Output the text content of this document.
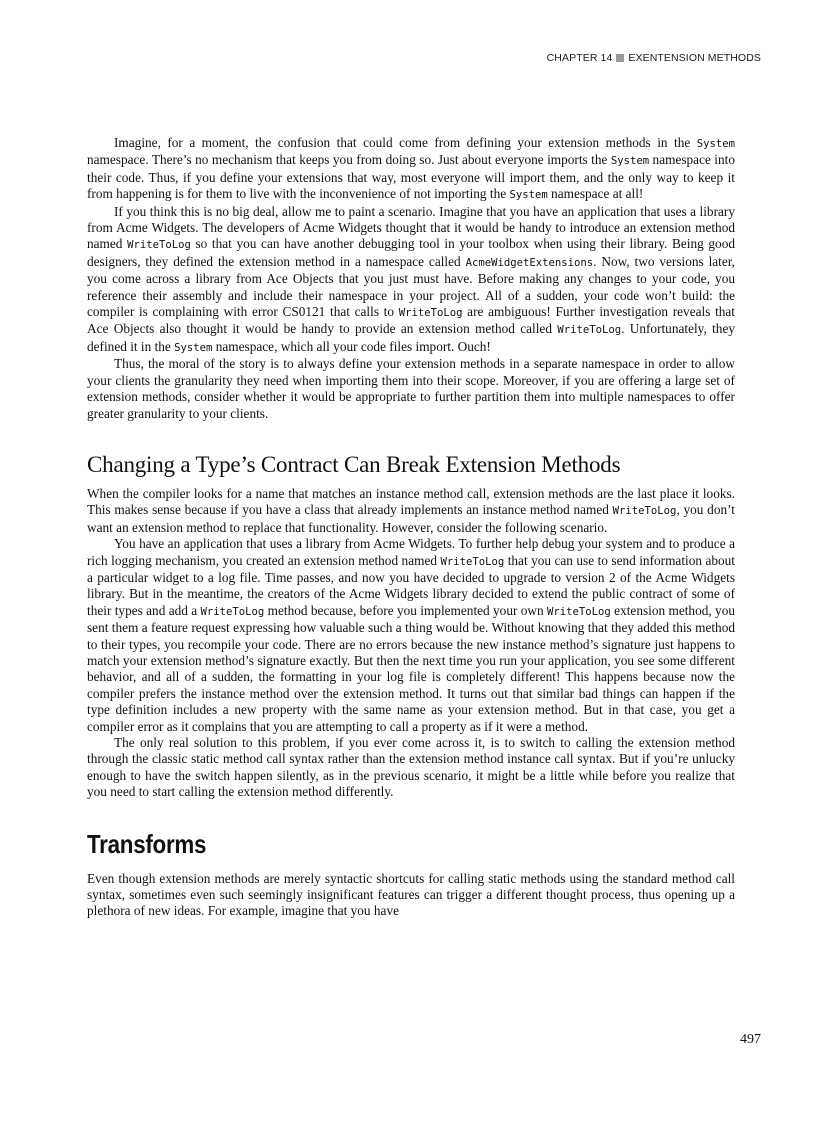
CHAPTER 14 EXENTENSION METHODS

Imagine, for a moment, the confusion that could come from defining your extension methods in the System namespace. There’s no mechanism that keeps you from doing so. Just about everyone imports the System namespace into their code. Thus, if you define your extensions that way, most everyone will import them, and the only way to keep it from happening is for them to live with the inconvenience of not importing the System namespace at all!

If you think this is no big deal, allow me to paint a scenario. Imagine that you have an application that uses a library from Acme Widgets. The developers of Acme Widgets thought that it would be handy to introduce an extension method named WriteToLog so that you can have another debugging tool in your toolbox when using their library. Being good designers, they defined the extension method in a namespace called AcmeWidgetExtensions. Now, two versions later, you come across a library from Ace Objects that you just must have. Before making any changes to your code, you reference their assembly and include their namespace in your project. All of a sudden, your code won’t build: the compiler is complaining with error CS0121 that calls to WriteToLog are ambiguous! Further investigation reveals that Ace Objects also thought it would be handy to provide an extension method called WriteToLog. Unfortunately, they defined it in the System namespace, which all your code files import. Ouch!

Thus, the moral of the story is to always define your extension methods in a separate namespace in order to allow your clients the granularity they need when importing them into their scope. Moreover, if you are offering a large set of extension methods, consider whether it would be appropriate to further partition them into multiple namespaces to offer greater granularity to your clients.

Changing a Type’s Contract Can Break Extension Methods

When the compiler looks for a name that matches an instance method call, extension methods are the last place it looks. This makes sense because if you have a class that already implements an instance method named WriteToLog, you don’t want an extension method to replace that functionality. However, consider the following scenario.

You have an application that uses a library from Acme Widgets. To further help debug your system and to produce a rich logging mechanism, you created an extension method named WriteToLog that you can use to send information about a particular widget to a log file. Time passes, and now you have decided to upgrade to version 2 of the Acme Widgets library. But in the meantime, the creators of the Acme Widgets library decided to extend the public contract of some of their types and add a WriteToLog method because, before you implemented your own WriteToLog extension method, you sent them a feature request expressing how valuable such a thing would be. Without knowing that they added this method to their types, you recompile your code. There are no errors because the new instance method’s signature just happens to match your extension method’s signature exactly. But then the next time you run your application, you see some different behavior, and all of a sudden, the formatting in your log file is completely different! This happens because now the compiler prefers the instance method over the extension method. It turns out that similar bad things can happen if the type definition includes a new property with the same name as your extension method. But in that case, you get a compiler error as it complains that you are attempting to call a property as if it were a method.

The only real solution to this problem, if you ever come across it, is to switch to calling the extension method through the classic static method call syntax rather than the extension method instance call syntax. But if you’re unlucky enough to have the switch happen silently, as in the previous scenario, it might be a little while before you realize that you need to start calling the extension method differently.

Transforms

Even though extension methods are merely syntactic shortcuts for calling static methods using the standard method call syntax, sometimes even such seemingly insignificant features can trigger a different thought process, thus opening up a plethora of new ideas. For example, imagine that you have

497
